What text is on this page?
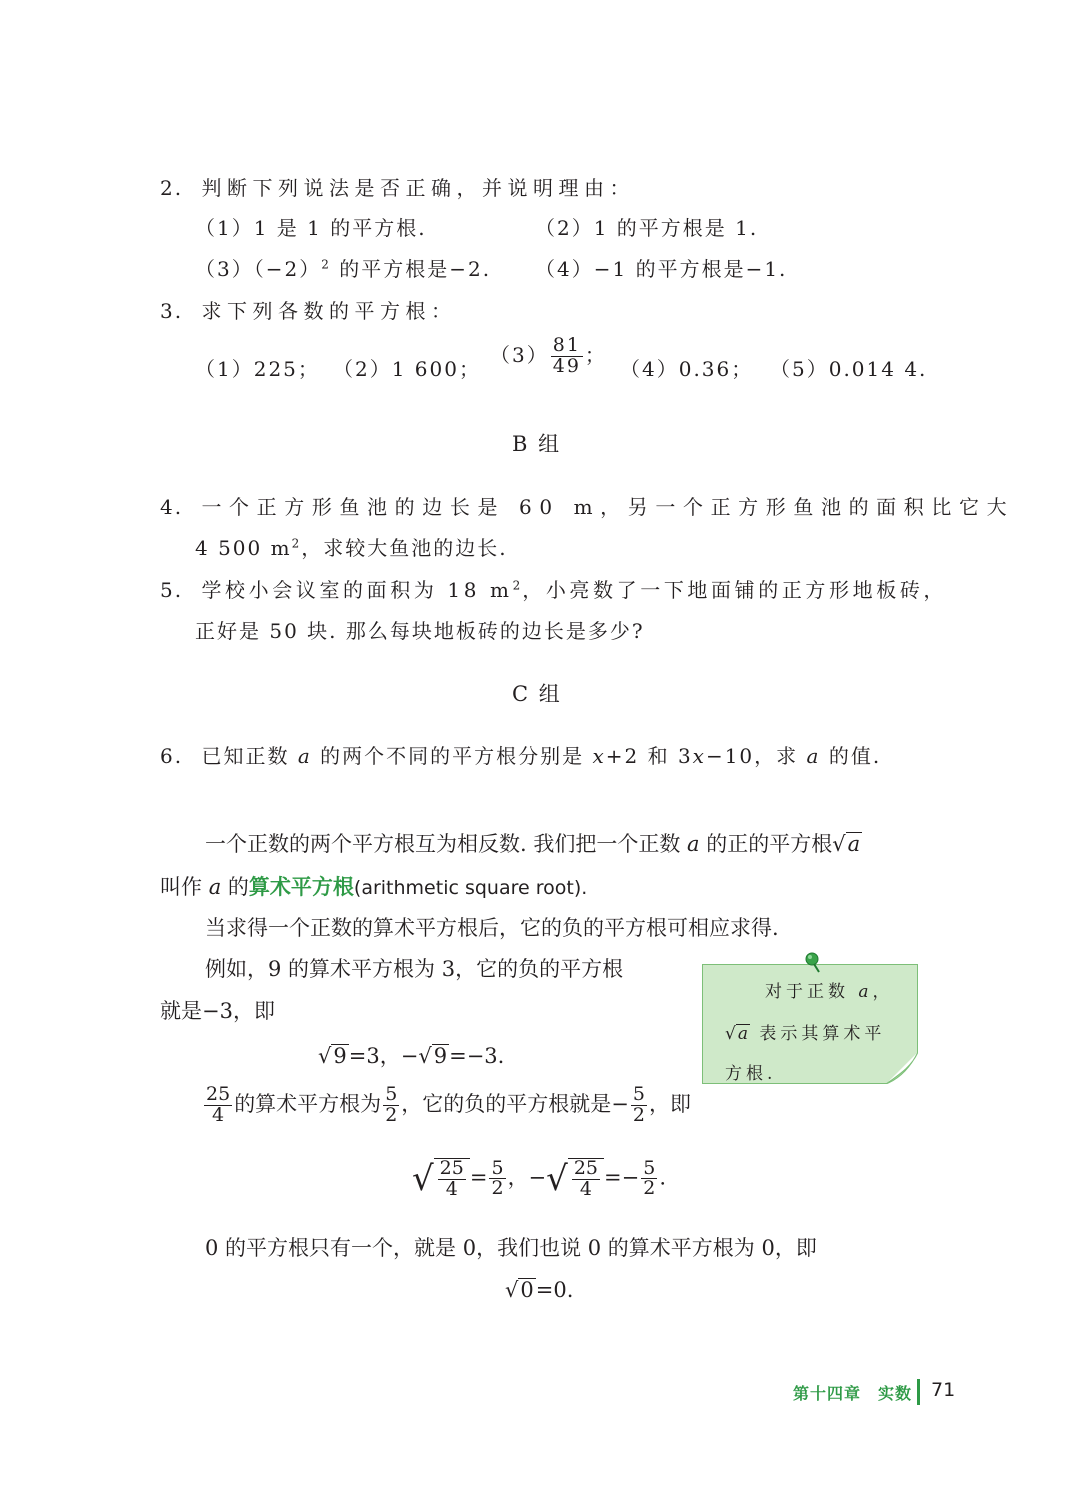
2. 判断下列说法是否正确，并说明理由：
（1）1 是 1 的平方根.	（2）1 的平方根是 1.
$(3)(-2)^2$ 的平方根是−2. （4）−1 的平方根是−1.
3. 求下列各数的平方根：
（1）225； （2）1 600；
$(3) \frac{81}{49}$ ；
（4）0.36； （5）0.014 4.
B 组
4. 一个正方形鱼池的边长是 60 m，另一个正方形鱼池的面积比它大
4 500 $m^2$，求较大鱼池的边长.
5. 学校小会议室的面积为 18 $m^2$，小亮数了一下地面铺的正方形地板砖，
正好是 50 块. 那么每块地板砖的边长是多少?
C 组
6. 已知正数 a 的两个不同的平方根分别是 x+2 和 3x−10，求 a 的值.
一个正数的两个平方根互为相反数. 我们把一个正数 a 的正的平方根√a
叫作 a 的算术平方根(arithmetic square root).
当求得一个正数的算术平方根后，它的负的平方根可相应求得.
例如，9 的算术平方根为 3，它的负的平方根
就是−3，即
√9=3，−√9=−3.
$\frac{25}{4}$ 的算术平方根为 $\frac{5}{2}$ ，它的负的平方根就是− $\frac{5}{2}$ ，即
√ $\frac{25}{4} = \frac{5}{2}$ ，−√ $\frac{25}{4} =- \frac{5}{2}$ .
0 的平方根只有一个，就是 0，我们也说 0 的算术平方根为 0，即
√0=0.
对于正数 a，
√ a 表示其算术平
方根.
第十四章　实数 71
